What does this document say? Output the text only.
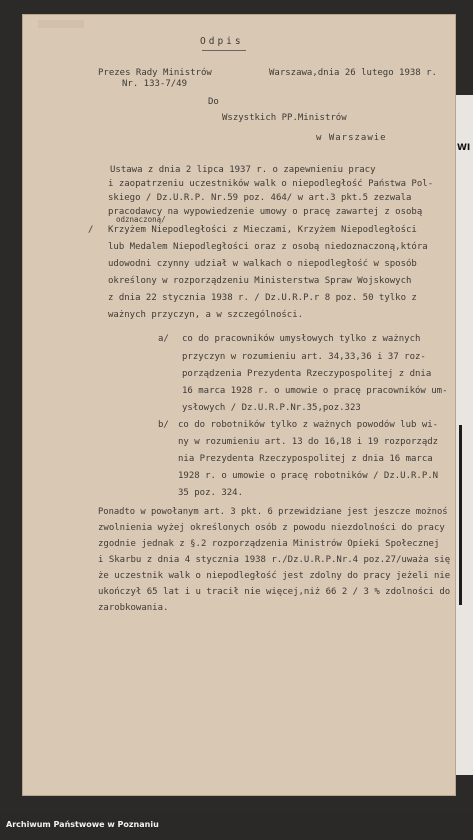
WI
Odpis
Prezes Rady Ministrów
Nr. 133-7/49
Warszawa,dnia 26 lutego 1938 r.
Do
Wszystkich PP.Ministrów
w Warszawie
Ustawa z dnia 2 lipca 1937 r. o zapewnieniu pracy
i zaopatrzeniu uczestników walk o niepodległość Państwa Pol-
skiego / Dz.U.R.P. Nr.59 poz. 464/ w art.3 pkt.5 zezwala
pracodawcy na wypowiedzenie umowy o pracę zawartej z osobą
odznaczoną/
/ Krzyżem Niepodległości z Mieczami, Krzyżem Niepodległości
lub Medalem Niepodległości oraz z osobą niedoznaczoną,która
udowodni czynny udział w walkach o niepodległość w sposób
określony w rozporządzeniu Ministerstwa Spraw Wojskowych
z dnia 22 stycznia 1938 r. / Dz.U.R.P.r 8 poz. 50 tylko z
ważnych przyczyn, a w szczególności.
a/ co do pracowników umysłowych tylko z ważnych
przyczyn w rozumieniu art. 34,33,36 i 37 roz-
porządzenia Prezydenta Rzeczypospolitej z dnia
16 marca 1928 r. o umowie o pracę pracowników um-
ysłowych / Dz.U.R.P.Nr.35,poz.323
b/ co do robotników tylko z ważnych powodów lub wi-
ny w rozumieniu art. 13 do 16,18 i 19 rozporządz
nia Prezydenta Rzeczypospolitej z dnia 16 marca
1928 r. o umowie o pracę robotników / Dz.U.R.P.N
35 poz. 324.
Ponadto w powołanym art. 3 pkt. 6 przewidziane jest jeszcze możnoś
zwolnienia wyżej określonych osób z powodu niezdolności do pracy
zgodnie jednak z §.2 rozporządzenia Ministrów Opieki Społecznej
i Skarbu z dnia 4 stycznia 1938 r./Dz.U.R.P.Nr.4 poz.27/uważa się
że uczestnik walk o niepodległość jest zdolny do pracy jeżeli nie
ukończył 65 lat i u tracił nie więcej,niż 66 2 / 3 % zdolności do
zarobkowania.
Archiwum Państwowe w Poznaniu
